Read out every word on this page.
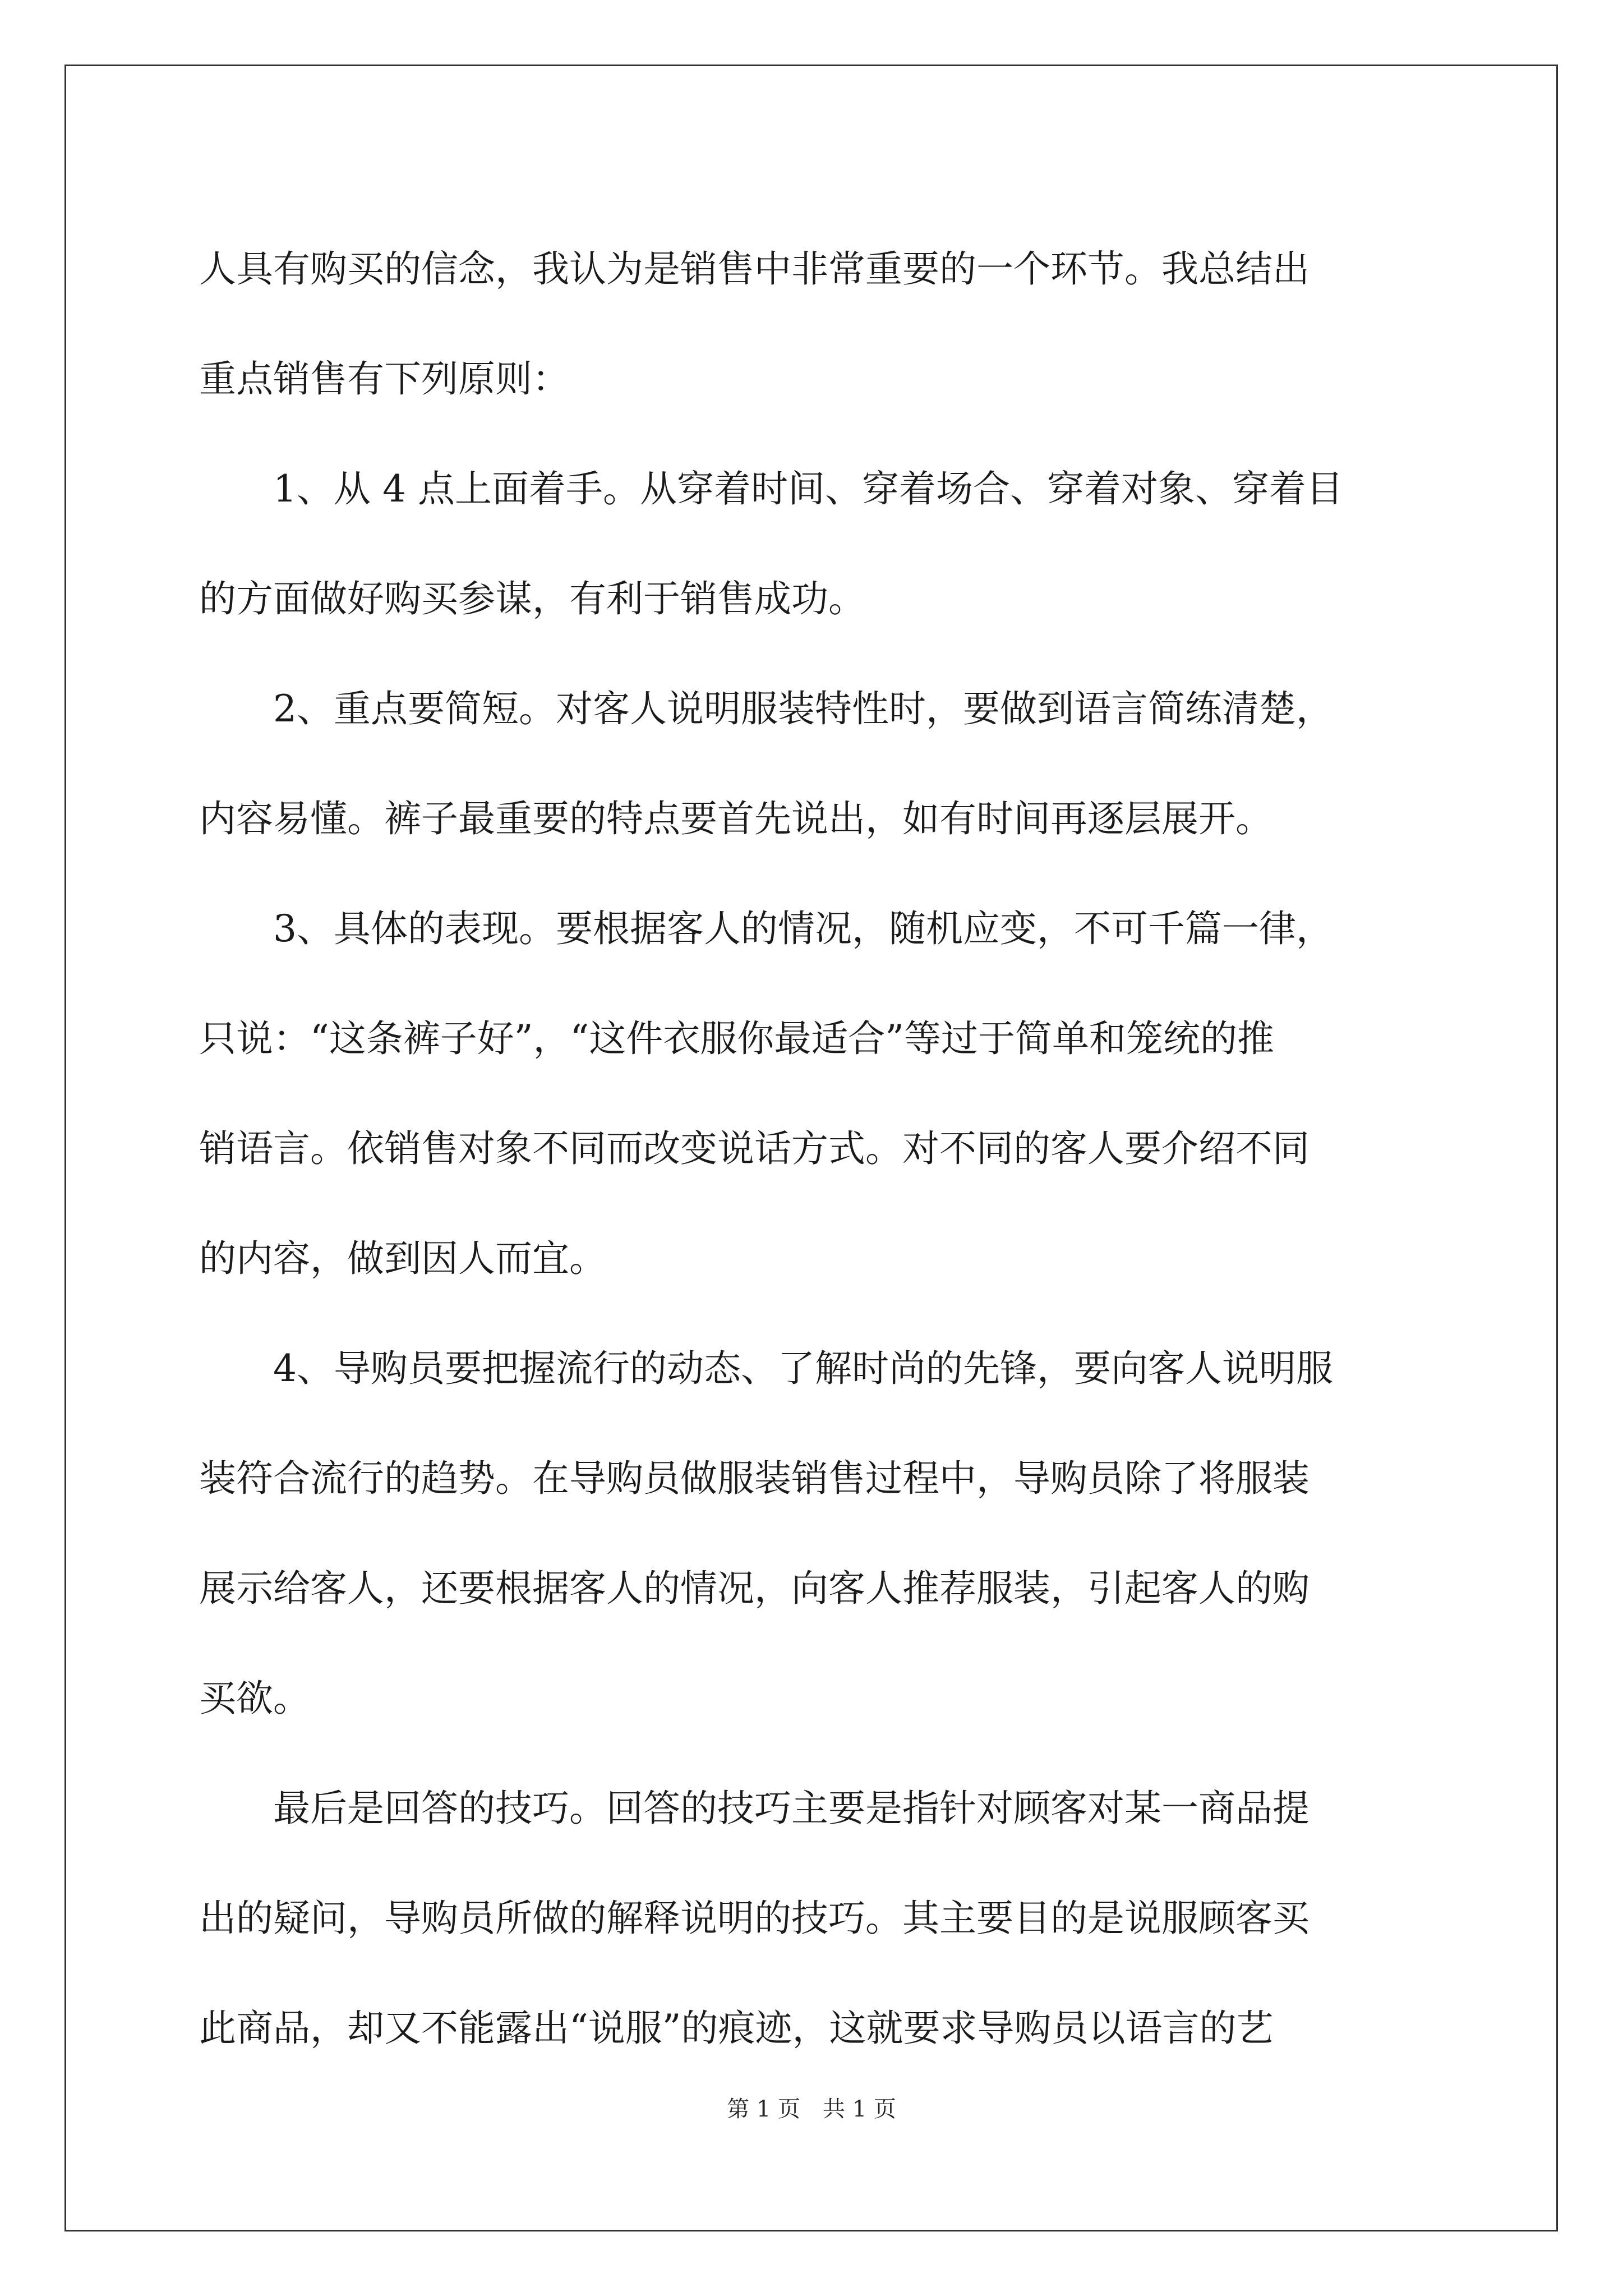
人具有购买的信念，我认为是销售中非常重要的一个环节。我总结出
重点销售有下列原则：
　　1、从 4 点上面着手。从穿着时间、穿着场合、穿着对象、穿着目
的方面做好购买参谋，有利于销售成功。
　　2、重点要简短。对客人说明服装特性时，要做到语言简练清楚，
内容易懂。裤子最重要的特点要首先说出，如有时间再逐层展开。
　　3、具体的表现。要根据客人的情况，随机应变，不可千篇一律，
只说：“这条裤子好”，“这件衣服你最适合”等过于简单和笼统的推
销语言。依销售对象不同而改变说话方式。对不同的客人要介绍不同
的内容，做到因人而宜。
　　4、导购员要把握流行的动态、了解时尚的先锋，要向客人说明服
装符合流行的趋势。在导购员做服装销售过程中，导购员除了将服装
展示给客人，还要根据客人的情况，向客人推荐服装，引起客人的购
买欲。
　　最后是回答的技巧。回答的技巧主要是指针对顾客对某一商品提
出的疑问，导购员所做的解释说明的技巧。其主要目的是说服顾客买
此商品，却又不能露出“说服”的痕迹，这就要求导购员以语言的艺
第 1 页　共 1 页
